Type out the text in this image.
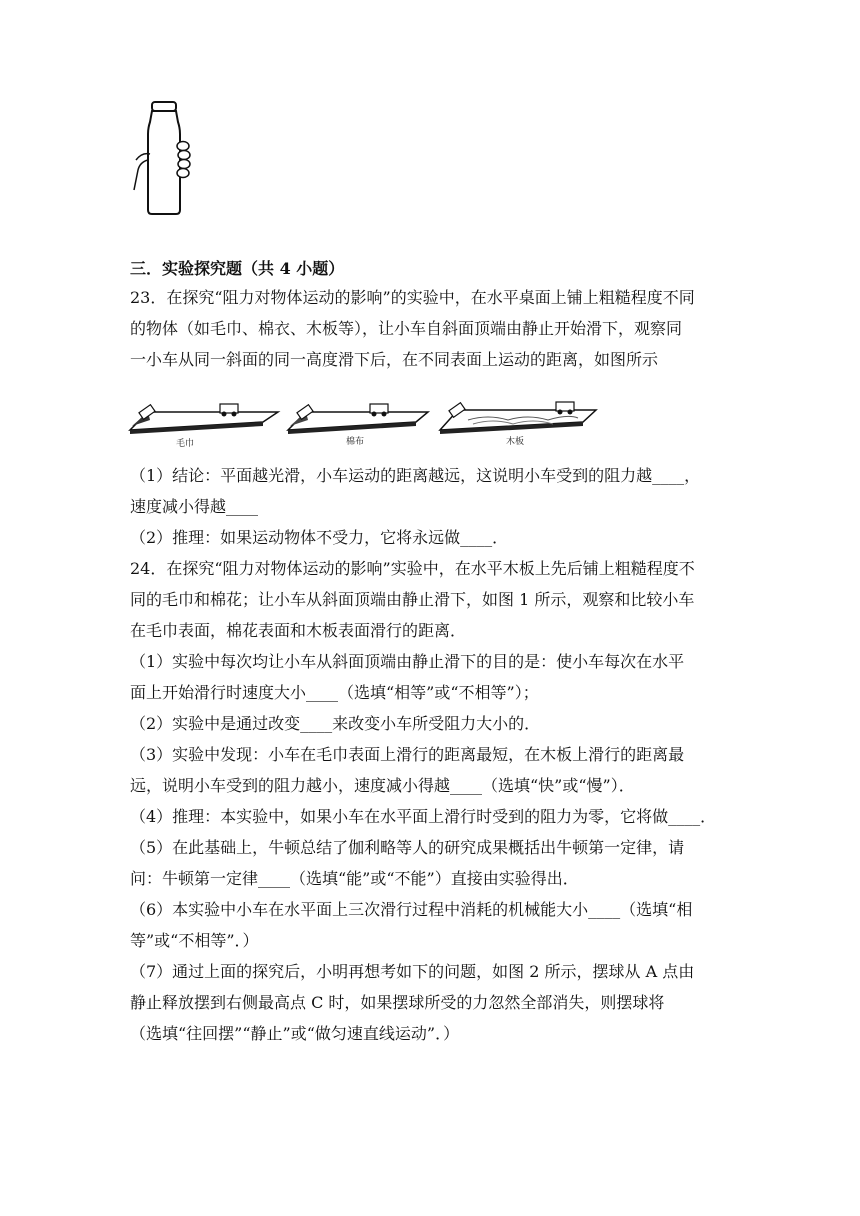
三．实验探究题（共 4 小题）
23．在探究“阻力对物体运动的影响”的实验中，在水平桌面上铺上粗糙程度不同
的物体（如毛巾、棉衣、木板等），让小车自斜面顶端由静止开始滑下，观察同
一小车从同一斜面的同一高度滑下后，在不同表面上运动的距离，如图所示
毛巾	棉布	木板
（1）结论：平面越光滑，小车运动的距离越远，这说明小车受到的阻力越____，
速度减小得越____
（2）推理：如果运动物体不受力，它将永远做____．
24．在探究“阻力对物体运动的影响”实验中，在水平木板上先后铺上粗糙程度不
同的毛巾和棉花；让小车从斜面顶端由静止滑下，如图 1 所示，观察和比较小车
在毛巾表面，棉花表面和木板表面滑行的距离．
（1）实验中每次均让小车从斜面顶端由静止滑下的目的是：使小车每次在水平
面上开始滑行时速度大小____（选填“相等”或“不相等”）；
（2）实验中是通过改变____来改变小车所受阻力大小的．
（3）实验中发现：小车在毛巾表面上滑行的距离最短，在木板上滑行的距离最
远，说明小车受到的阻力越小，速度减小得越____（选填“快”或“慢”）．
（4）推理：本实验中，如果小车在水平面上滑行时受到的阻力为零，它将做____．
（5）在此基础上，牛顿总结了伽利略等人的研究成果概括出牛顿第一定律，请
问：牛顿第一定律____（选填“能”或“不能”）直接由实验得出．
（6）本实验中小车在水平面上三次滑行过程中消耗的机械能大小____（选填“相
等”或“不相等”．）
（7）通过上面的探究后，小明再想考如下的问题，如图 2 所示，摆球从 A 点由
静止释放摆到右侧最高点 C 时，如果摆球所受的力忽然全部消失，则摆球将
（选填“往回摆”“静止”或“做匀速直线运动”．）
